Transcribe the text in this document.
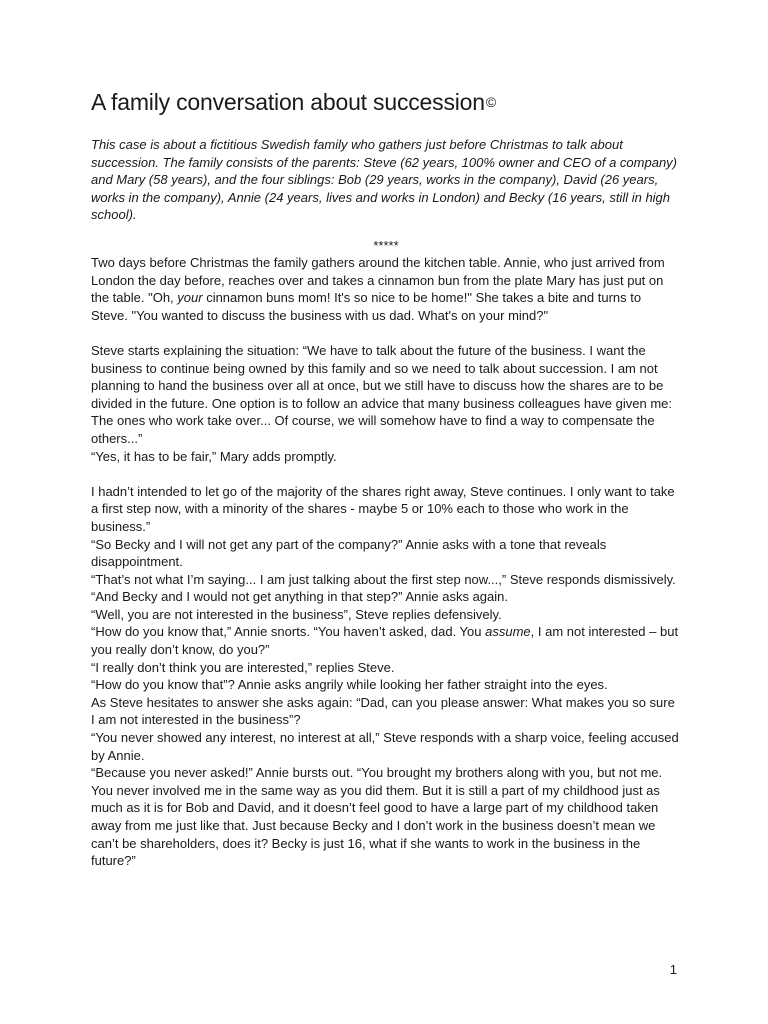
A family conversation about succession©

This case is about a fictitious Swedish family who gathers just before Christmas to talk about succession. The family consists of the parents: Steve (62 years, 100% owner and CEO of a company) and Mary (58 years), and the four siblings: Bob (29 years, works in the company), David (26 years, works in the company), Annie (24 years, lives and works in London) and Becky (16 years, still in high school).

*****

Two days before Christmas the family gathers around the kitchen table. Annie, who just arrived from London the day before, reaches over and takes a cinnamon bun from the plate Mary has just put on the table. "Oh, your cinnamon buns mom! It's so nice to be home!" She takes a bite and turns to Steve. "You wanted to discuss the business with us dad. What's on your mind?"

Steve starts explaining the situation: “We have to talk about the future of the business. I want the business to continue being owned by this family and so we need to talk about succession. I am not planning to hand the business over all at once, but we still have to discuss how the shares are to be divided in the future. One option is to follow an advice that many business colleagues have given me: The ones who work take over... Of course, we will somehow have to find a way to compensate the others...”

“Yes, it has to be fair,” Mary adds promptly.

I hadn’t intended to let go of the majority of the shares right away, Steve continues. I only want to take a first step now, with a minority of the shares - maybe 5 or 10% each to those who work in the business.”

“So Becky and I will not get any part of the company?” Annie asks with a tone that reveals disappointment.

“That’s not what I’m saying... I am just talking about the first step now...,” Steve responds dismissively.

“And Becky and I would not get anything in that step?” Annie asks again.

“Well, you are not interested in the business”, Steve replies defensively.

“How do you know that,” Annie snorts. “You haven’t asked, dad. You assume, I am not interested – but you really don’t know, do you?”

“I really don’t think you are interested,” replies Steve.

“How do you know that”? Annie asks angrily while looking her father straight into the eyes.

As Steve hesitates to answer she asks again: “Dad, can you please answer: What makes you so sure I am not interested in the business”?

“You never showed any interest, no interest at all,” Steve responds with a sharp voice, feeling accused by Annie.

“Because you never asked!” Annie bursts out. “You brought my brothers along with you, but not me. You never involved me in the same way as you did them. But it is still a part of my childhood just as much as it is for Bob and David, and it doesn’t feel good to have a large part of my childhood taken away from me just like that. Just because Becky and I don’t work in the business doesn’t mean we can’t be shareholders, does it? Becky is just 16, what if she wants to work in the business in the future?”

1
